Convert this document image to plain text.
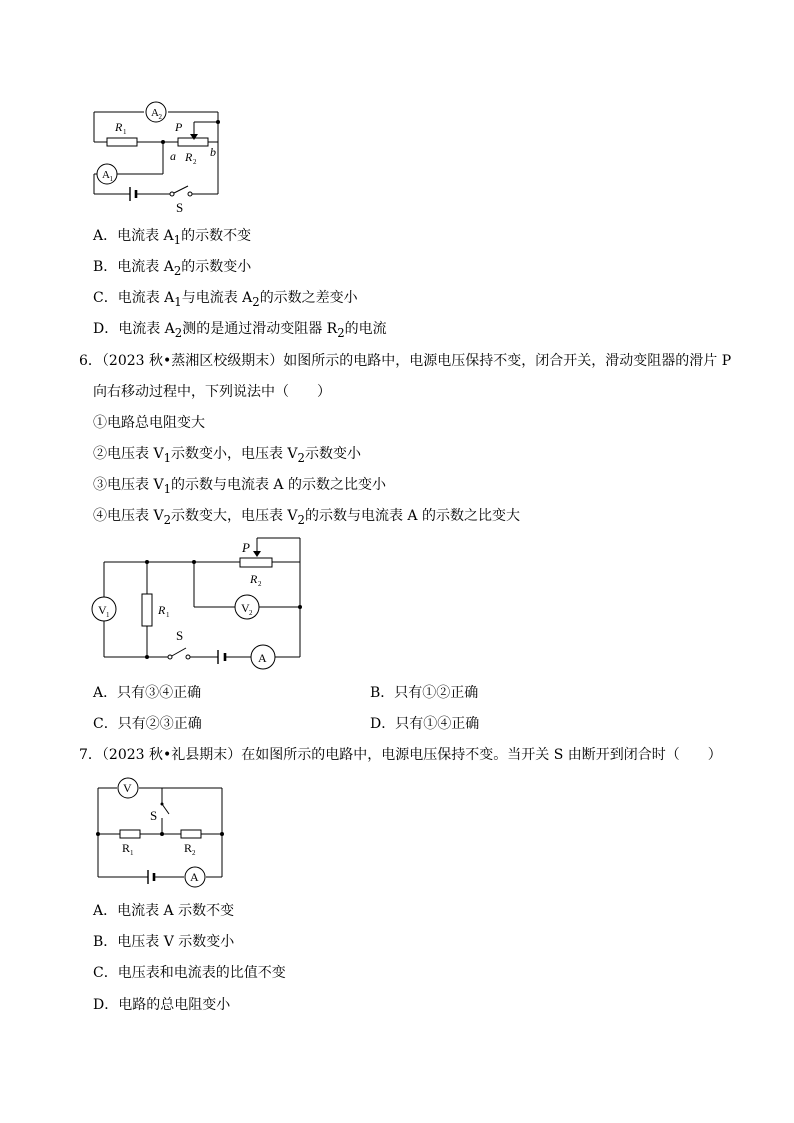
A 2
A 1
R 1	P
a R 2
b
S
A．电流表 $A_1$的示数不变
B．电流表 $A_2$的示数变小
C．电流表 $A_1$与电流表 $A_2$的示数之差变小
D．电流表 $A_2$测的是通过滑动变阻器 $R_2$的电流
6．（2023 秋•蒸湘区校级期末）如图所示的电路中，电源电压保持不变，闭合开关，滑动变阻器的滑片 P
向右移动过程中，下列说法中（　　）
①电路总电阻变大
②电压表 $V_1$示数变小，电压表 $V_2$示数变小
③电压表 $V_1$的示数与电流表 A 的示数之比变小
④电压表 $V_2$示数变大，电压表 $V_2$的示数与电流表 A 的示数之比变大
V 1	V 2
A
P
R 2
R 1
S
A．只有③④正确	B．只有①②正确
C．只有②③正确	D．只有①④正确
7．（2023 秋•礼县期末）在如图所示的电路中，电源电压保持不变。当开关 S 由断开到闭合时（　　）
V
A
S
R 1	R 2
A．电流表 A 示数不变
B．电压表 V 示数变小
C．电压表和电流表的比值不变
D．电路的总电阻变小
